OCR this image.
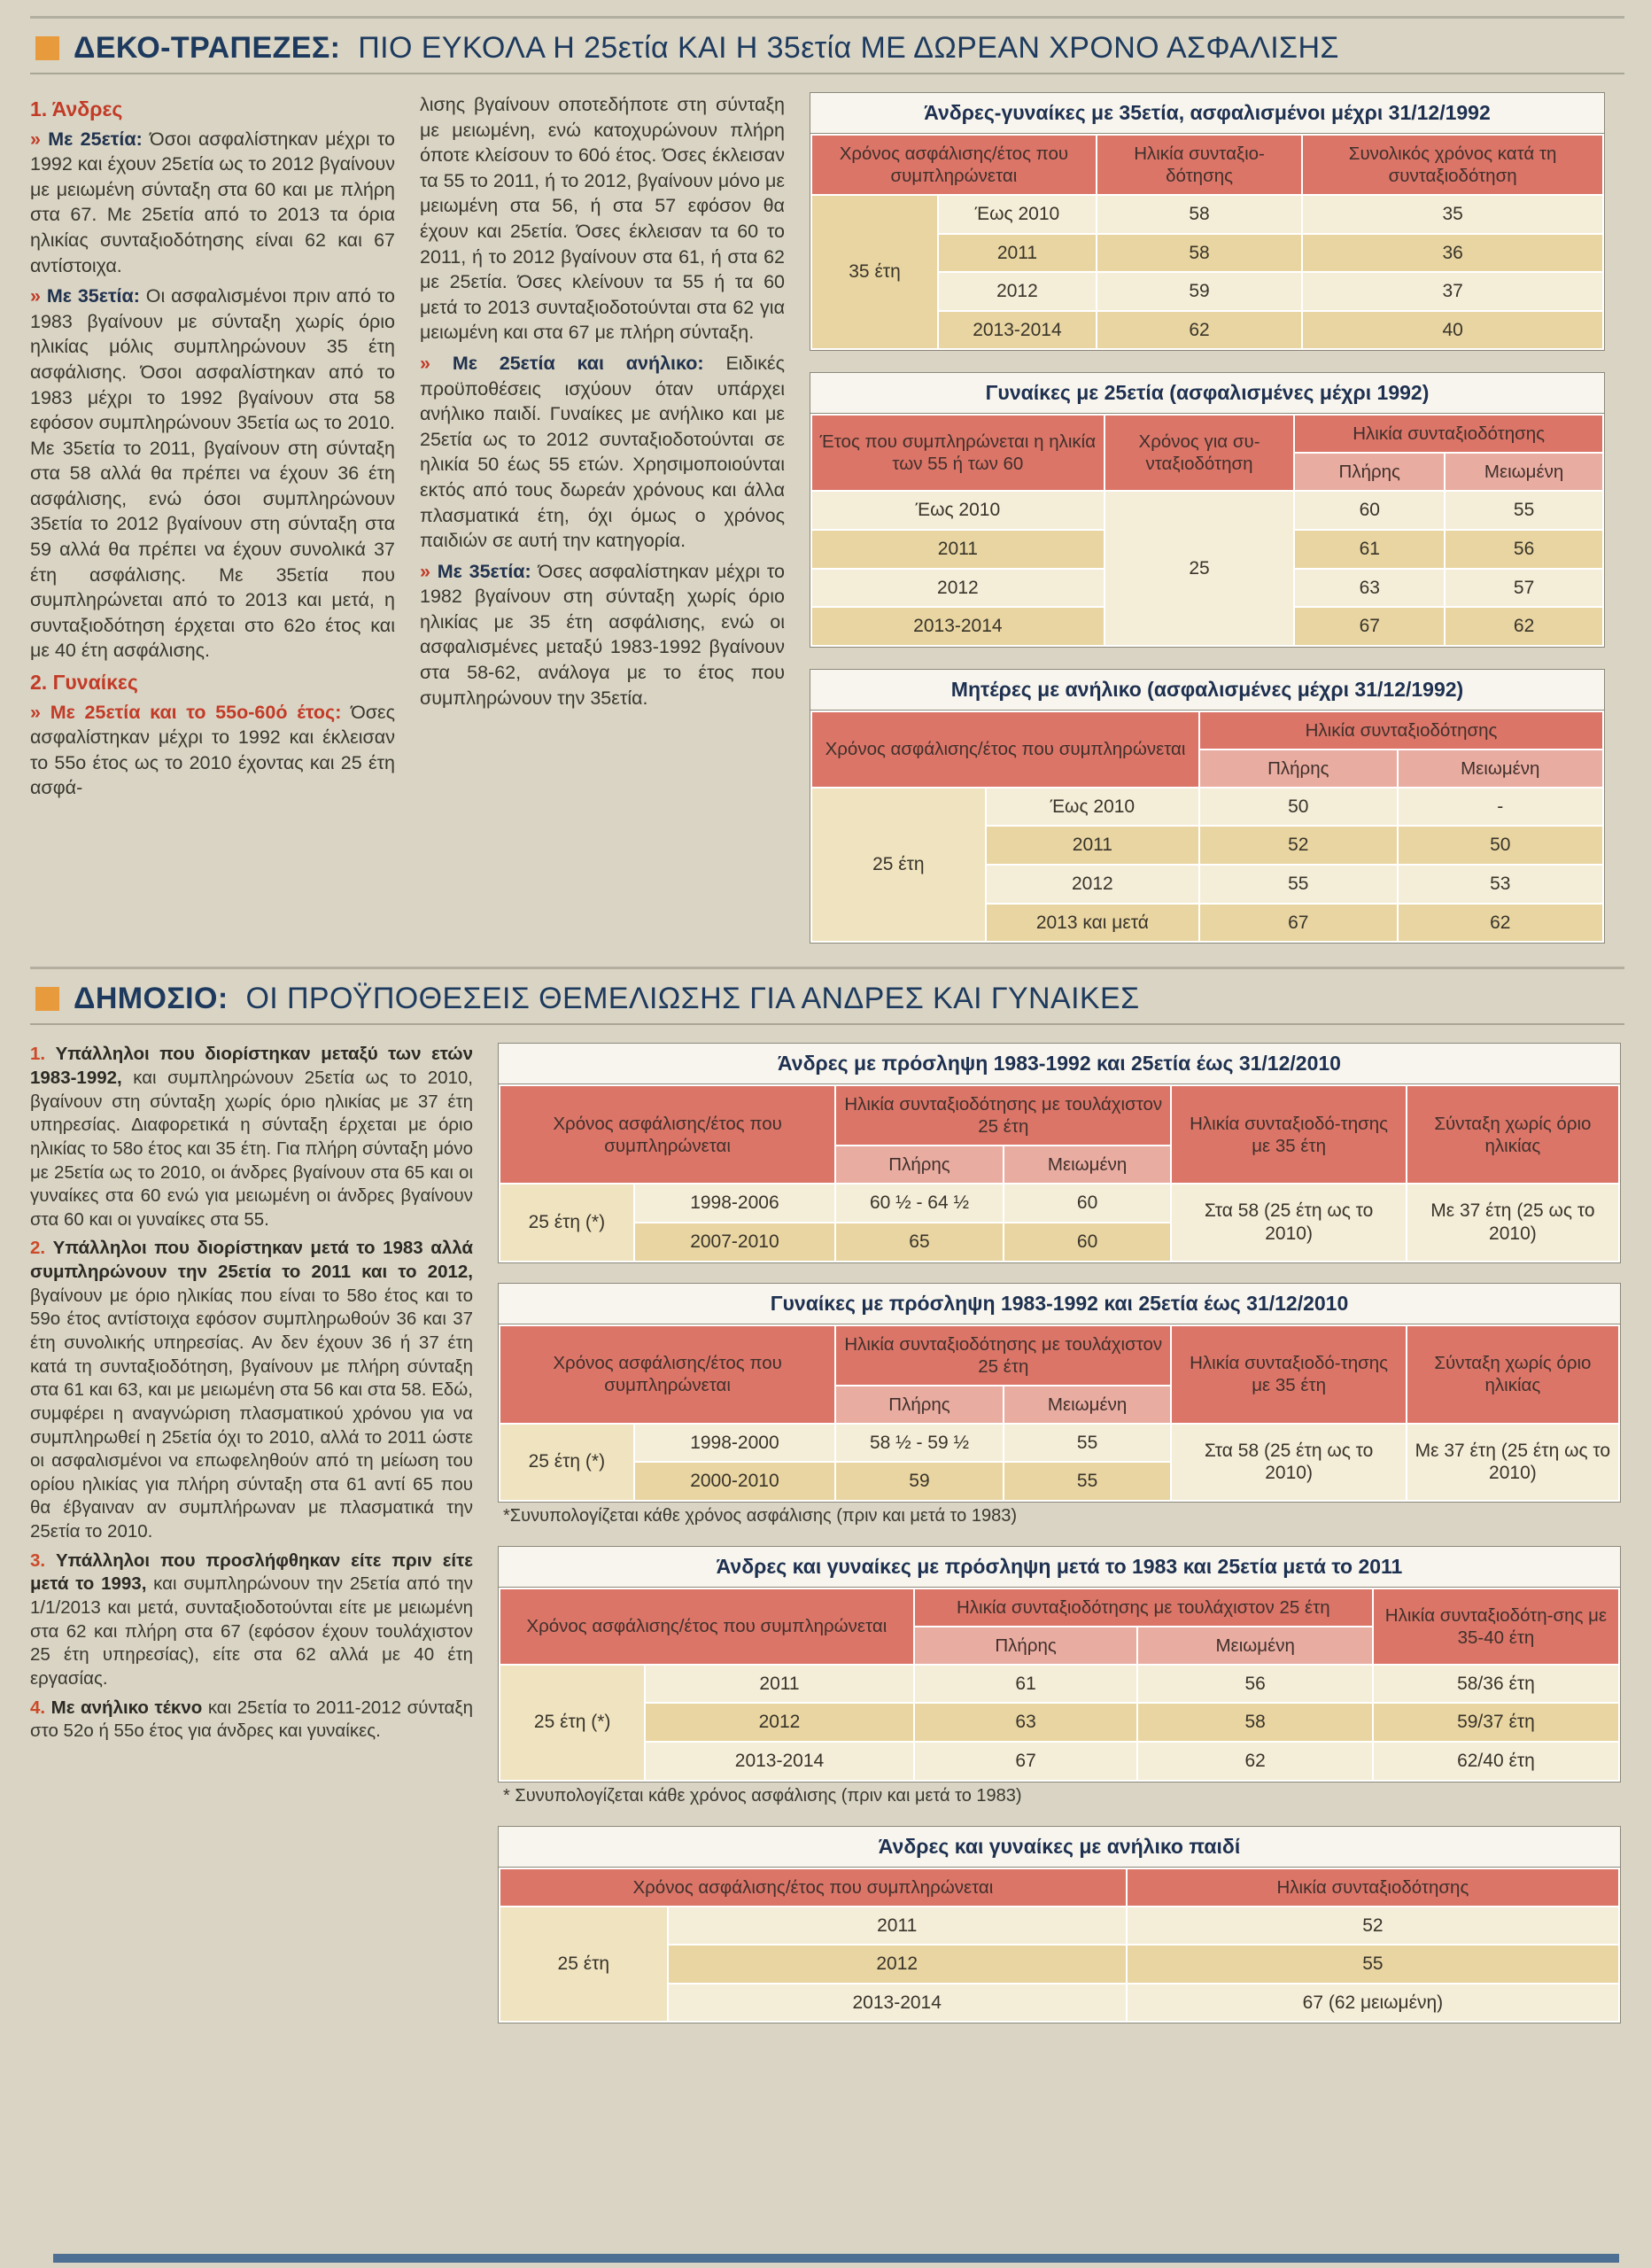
ΔΕΚΟ-ΤΡΑΠΕΖΕΣ: ΠΙΟ ΕΥΚΟΛΑ Η 25ετία ΚΑΙ Η 35ετία ΜΕ ΔΩΡΕΑΝ ΧΡΟΝΟ ΑΣΦΑΛΙΣΗΣ
1. Άνδρες

» Με 25ετία: Όσοι ασφαλίστηκαν μέχρι το 1992 και έχουν 25ετία ως το 2012 βγαίνουν με μειωμένη σύνταξη στα 60 και με πλήρη στα 67. Με 25ετία από το 2013 τα όρια ηλικίας συνταξιοδότησης είναι 62 και 67 αντίστοιχα.

» Με 35ετία: Οι ασφαλισμένοι πριν από το 1983 βγαίνουν με σύνταξη χωρίς όριο ηλικίας μόλις συμπληρώνουν 35 έτη ασφάλισης. Όσοι ασφαλίστηκαν από το 1983 μέχρι το 1992 βγαίνουν στα 58 εφόσον συμπληρώνουν 35ετία ως το 2010. Με 35ετία το 2011, βγαίνουν στη σύνταξη στα 58 αλλά θα πρέπει να έχουν 36 έτη ασφάλισης, ενώ όσοι συμπληρώνουν 35ετία το 2012 βγαίνουν στη σύνταξη στα 59 αλλά θα πρέπει να έχουν συνολικά 37 έτη ασφάλισης. Με 35ετία που συμπληρώνεται από το 2013 και μετά, η συνταξιοδότηση έρχεται στο 62ο έτος και με 40 έτη ασφάλισης.

2. Γυναίκες

» Με 25ετία και το 55ο-60ό έτος: Όσες ασφαλίστηκαν μέχρι το 1992 και έκλεισαν το 55ο έτος ως το 2010 έχοντας και 25 έτη ασφά-

λισης βγαίνουν οποτεδήποτε στη σύνταξη με μειωμένη, ενώ κατοχυρώνουν πλήρη όποτε κλείσουν το 60ό έτος. Όσες έκλεισαν τα 55 το 2011, ή το 2012, βγαίνουν μόνο με μειωμένη στα 56, ή στα 57 εφόσον θα έχουν και 25ετία. Όσες έκλεισαν τα 60 το 2011, ή το 2012 βγαίνουν στα 61, ή στα 62 με 25ετία. Όσες κλείνουν τα 55 ή τα 60 μετά το 2013 συνταξιοδοτούνται στα 62 για μειωμένη και στα 67 με πλήρη σύνταξη.

» Με 25ετία και ανήλικο: Ειδικές προϋποθέσεις ισχύουν όταν υπάρχει ανήλικο παιδί. Γυναίκες με ανήλικο και με 25ετία ως το 2012 συνταξιοδοτούνται σε ηλικία 50 έως 55 ετών. Χρησιμοποιούνται εκτός από τους δωρεάν χρόνους και άλλα πλασματικά έτη, όχι όμως ο χρόνος παιδιών σε αυτή την κατηγορία.

» Με 35ετία: Όσες ασφαλίστηκαν μέχρι το 1982 βγαίνουν στη σύνταξη χωρίς όριο ηλικίας με 35 έτη ασφάλισης, ενώ οι ασφαλισμένες μεταξύ 1983-1992 βγαίνουν στα 58-62, ανάλογα με το έτος που συμπληρώνουν την 35ετία.

Άνδρες-γυναίκες με 35ετία, ασφαλισμένοι μέχρι 31/12/1992
Χρόνος ασφάλισης/έτος που συμπληρώνεται		Ηλικία συνταξιο-δότησης	Συνολικός χρόνος κατά τη συνταξιοδότηση
35 έτη	Έως 2010	58	35
	2011	58	36
	2012	59	37
	2013-2014	62	40
Γυναίκες με 25ετία (ασφαλισμένες μέχρι 1992)
Έτος που συμπληρώνεται η ηλικία των 55 ή των 60	Χρόνος για συ-νταξιοδότηση	Ηλικία συνταξιοδότησης	
		Πλήρης	Μειωμένη
Έως 2010	25	60	55
2011		61	56
2012		63	57
2013-2014		67	62
Μητέρες με ανήλικο (ασφαλισμένες μέχρι 31/12/1992)
Χρόνος ασφάλισης/έτος που συμπληρώνεται		Ηλικία συνταξιοδότησης	
		Πλήρης	Μειωμένη
25 έτη	Έως 2010	50	-
	2011	52	50
	2012	55	53
	2013 και μετά	67	62
ΔΗΜΟΣΙΟ: ΟΙ ΠΡΟΫΠΟΘΕΣΕΙΣ ΘΕΜΕΛΙΩΣΗΣ ΓΙΑ ΑΝΔΡΕΣ ΚΑΙ ΓΥΝΑΙΚΕΣ

1. Υπάλληλοι που διορίστηκαν μεταξύ των ετών 1983-1992, και συμπληρώνουν 25ετία ως το 2010, βγαίνουν στη σύνταξη χωρίς όριο ηλικίας με 37 έτη υπηρεσίας. Διαφορετικά η σύνταξη έρχεται με όριο ηλικίας το 58ο έτος και 35 έτη. Για πλήρη σύνταξη μόνο με 25ετία ως το 2010, οι άνδρες βγαίνουν στα 65 και οι γυναίκες στα 60 ενώ για μειωμένη οι άνδρες βγαίνουν στα 60 και οι γυναίκες στα 55.

2. Υπάλληλοι που διορίστηκαν μετά το 1983 αλλά συμπληρώνουν την 25ετία το 2011 και το 2012, βγαίνουν με όριο ηλικίας που είναι το 58ο έτος και το 59ο έτος αντίστοιχα εφόσον συμπληρωθούν 36 και 37 έτη συνολικής υπηρεσίας. Αν δεν έχουν 36 ή 37 έτη κατά τη συνταξιοδότηση, βγαίνουν με πλήρη σύνταξη στα 61 και 63, και με μειωμένη στα 56 και στα 58. Εδώ, συμφέρει η αναγνώριση πλασματικού χρόνου για να συμπληρωθεί η 25ετία όχι το 2010, αλλά το 2011 ώστε οι ασφαλισμένοι να επωφεληθούν από τη μείωση του ορίου ηλικίας για πλήρη σύνταξη στα 61 αντί 65 που θα έβγαιναν αν συμπλήρωναν με πλασματικά την 25ετία το 2010.

3. Υπάλληλοι που προσλήφθηκαν είτε πριν είτε μετά το 1993, και συμπληρώνουν την 25ετία από την 1/1/2013 και μετά, συνταξιοδοτούνται είτε με μειωμένη στα 62 και πλήρη στα 67 (εφόσον έχουν τουλάχιστον 25 έτη υπηρεσίας), είτε στα 62 αλλά με 40 έτη εργασίας.

4. Με ανήλικο τέκνο και 25ετία το 2011-2012 σύνταξη στο 52ο ή 55ο έτος για άνδρες και γυναίκες.

Άνδρες με πρόσληψη 1983-1992 και 25ετία έως 31/12/2010
Χρόνος ασφάλισης/έτος που συμπληρώνεται		Ηλικία συνταξιοδότησης με τουλάχιστον 25 έτη		Ηλικία συνταξιοδό-τησης με 35 έτη	Σύνταξη χωρίς όριο ηλικίας
		Πλήρης	Μειωμένη		
25 έτη (*)	1998-2006	60 ½ - 64 ½	60	Στα 58 (25 έτη ως το 2010)	Με 37 έτη (25 ως το 2010)
	2007-2010	65	60		
Γυναίκες με πρόσληψη 1983-1992 και 25ετία έως 31/12/2010
Χρόνος ασφάλισης/έτος που συμπληρώνεται		Ηλικία συνταξιοδότησης με τουλάχιστον 25 έτη		Ηλικία συνταξιοδό-τησης με 35 έτη	Σύνταξη χωρίς όριο ηλικίας
		Πλήρης	Μειωμένη		
25 έτη (*)	1998-2000	58 ½ - 59 ½	55	Στα 58 (25 έτη ως το 2010)	Με 37 έτη (25 έτη ως το 2010)
	2000-2010	59	55		
*Συνυπολογίζεται κάθε χρόνος ασφάλισης (πριν και μετά το 1983)
Άνδρες και γυναίκες με πρόσληψη μετά το 1983 και 25ετία μετά το 2011
Χρόνος ασφάλισης/έτος που συμπληρώνεται		Ηλικία συνταξιοδότησης με τουλάχιστον 25 έτη		Ηλικία συνταξιοδότη-σης με 35-40 έτη
		Πλήρης	Μειωμένη	
25 έτη (*)	2011	61	56	58/36 έτη
	2012	63	58	59/37 έτη
	2013-2014	67	62	62/40 έτη
* Συνυπολογίζεται κάθε χρόνος ασφάλισης (πριν και μετά το 1983)
Άνδρες και γυναίκες με ανήλικο παιδί
Χρόνος ασφάλισης/έτος που συμπληρώνεται		Ηλικία συνταξιοδότησης
25 έτη	2011	52
	2012	55
	2013-2014	67 (62 μειωμένη)
